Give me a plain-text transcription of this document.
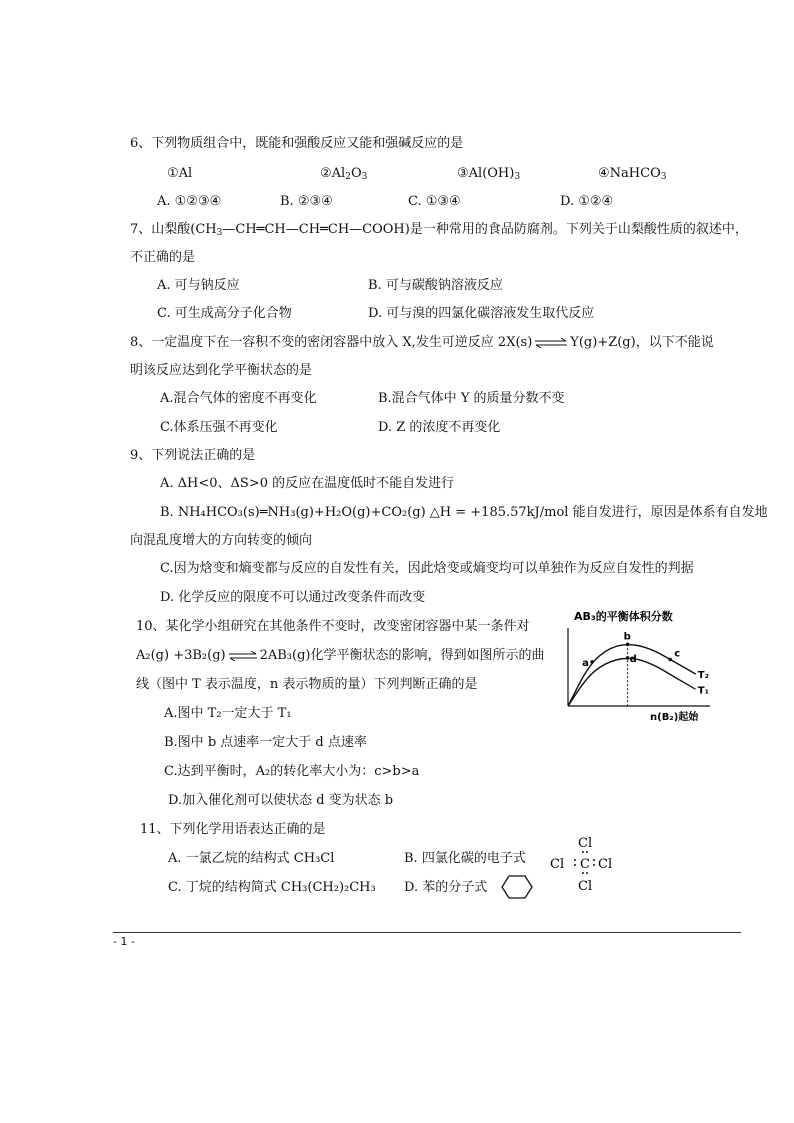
6、下列物质组合中，既能和强酸反应又能和强碱反应的是
①Al	$②Al_2O_3$	$③Al(OH)_3$	④NaHCO$_3$
A. ①②③④	B. ②③④	C. ①③④	D. ①②④
7、山梨酸$(CH_3—CH═CH—CH═CH—COOH)$是一种常用的食品防腐剂。下列关于山梨酸性质的叙述中，
不正确的是
A. 可与钠反应	B. 可与碳酸钠溶液反应
C. 可生成高分子化合物	D. 可与溴的四氯化碳溶液发生取代反应
8、一定温度下在一容积不变的密闭容器中放入 X,发生可逆反应 2X(s) ⇌ Y(g)+Z(g)，以下不能说
明该反应达到化学平衡状态的是
A.混合气体的密度不再变化	B.混合气体中 Y 的质量分数不变
C.体系压强不再变化	D. Z 的浓度不再变化
9、下列说法正确的是
A. ΔH<0、ΔS>0 的反应在温度低时不能自发进行
B. NH₄HCO₃(s)═NH₃(g)+H₂O(g)+CO₂(g) △H = +185.57kJ/mol 能自发进行，原因是体系有自发地
向混乱度增大的方向转变的倾向
C.因为焓变和熵变都与反应的自发性有关，因此焓变或熵变均可以单独作为反应自发性的判据
D. 化学反应的限度不可以通过改变条件而改变
10、某化学小组研究在其他条件不变时，改变密闭容器中某一条件对
A₂(g) +3B₂(g) ⇌ 2AB₃(g)化学平衡状态的影响，得到如图所示的曲
线（图中 T 表示温度，n 表示物质的量）下列判断正确的是
A.图中 T₂一定大于 T₁
B.图中 b 点速率一定大于 d 点速率
C.达到平衡时，A₂的转化率大小为：c>b>a
D.加入催化剂可以使状态 d 变为状态 b
AB₃的平衡体积分数
n(B₂)起始
T₂
T₁
a
b
c
d
11、下列化学用语表达正确的是
A. 一氯乙烷的结构式 CH₃Cl	B. 四氯化碳的电子式
C. 丁烷的结构简式 CH₃(CH₂)₂CH₃ D. 苯的分子式
Cl
Cl C Cl
Cl
- 1 -
